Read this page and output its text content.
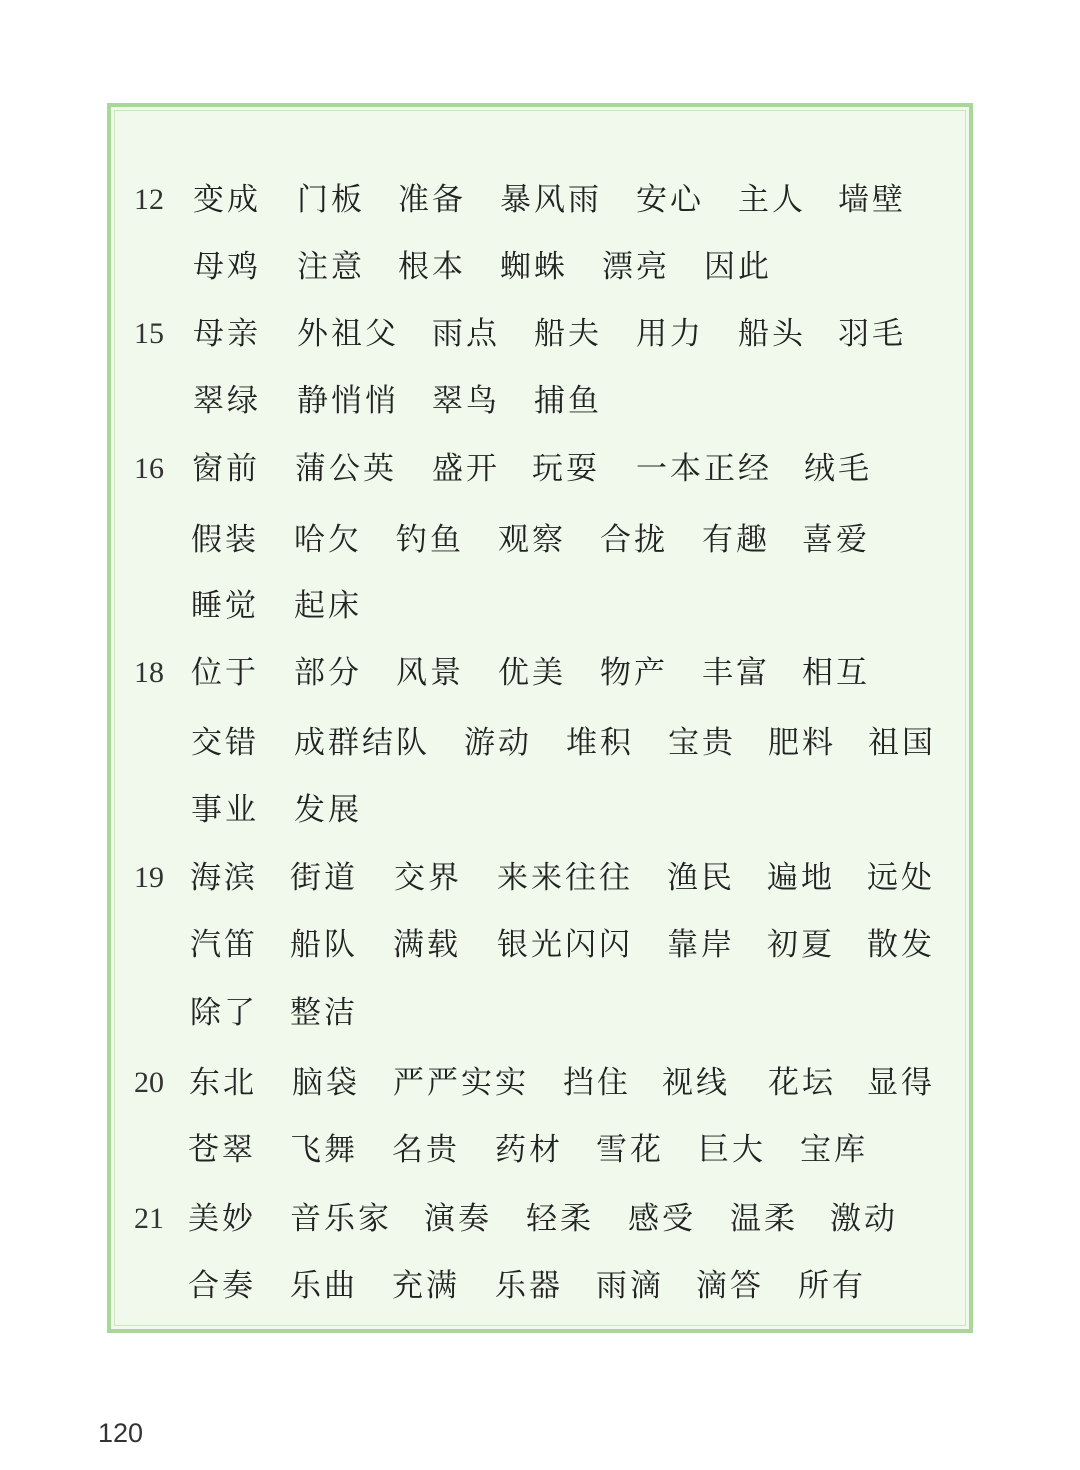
12 变成 门板 准备 暴风雨 安心 主人 墙壁
母鸡 注意 根本 蜘蛛 漂亮 因此
15 母亲 外祖父 雨点 船夫 用力 船头 羽毛
翠绿 静悄悄 翠鸟 捕鱼
16 窗前 蒲公英 盛开 玩耍 一本正经 绒毛
假装 哈欠 钓鱼 观察 合拢 有趣 喜爱
睡觉 起床
18 位于 部分 风景 优美 物产 丰富 相互
交错 成群结队 游动 堆积 宝贵 肥料 祖国
事业 发展
19 海滨 街道 交界 来来往往 渔民 遍地 远处
汽笛 船队 满载 银光闪闪 靠岸 初夏 散发
除了 整洁
20 东北 脑袋 严严实实 挡住 视线 花坛 显得
苍翠 飞舞 名贵 药材 雪花 巨大 宝库
21 美妙 音乐家 演奏 轻柔 感受 温柔 激动
合奏 乐曲 充满 乐器 雨滴 滴答 所有
120
